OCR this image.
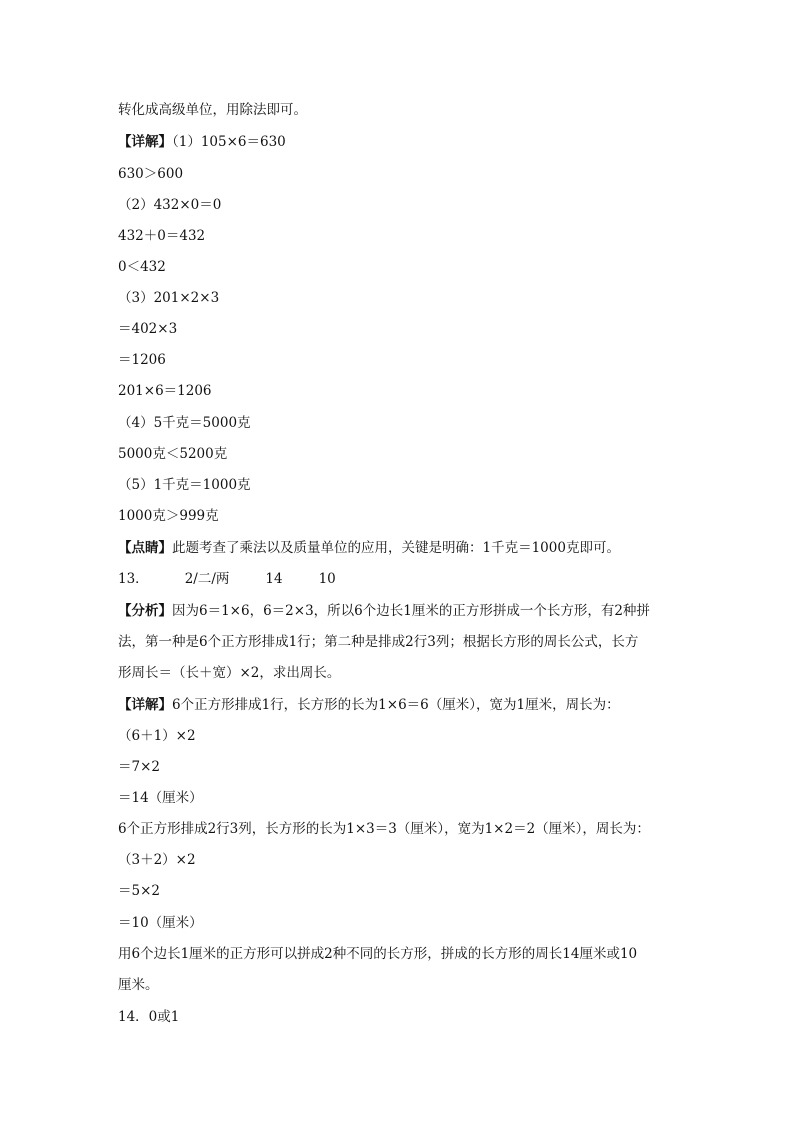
转化成高级单位，用除法即可。
【详解】（1）105×6＝630
630＞600
（2）432×0＝0
432＋0＝432
0＜432
（3）201×2×3
＝402×3
＝1206
201×6＝1206
（4）5千克＝5000克
5000克＜5200克
（5）1千克＝1000克
1000克＞999克
【点睛】此题考查了乘法以及质量单位的应用，关键是明确：1千克＝1000克即可。
13．	2/二/两	14	10
【分析】因为6＝1×6，6＝2×3，所以6个边长1厘米的正方形拼成一个长方形，有2种拼
法，第一种是6个正方形排成1行；第二种是排成2行3列；根据长方形的周长公式，长方
形周长＝（长＋宽）×2，求出周长。
【详解】6个正方形排成1行，长方形的长为1×6＝6（厘米），宽为1厘米，周长为：
（6＋1）×2
＝7×2
＝14（厘米）
6个正方形排成2行3列，长方形的长为1×3＝3（厘米），宽为1×2＝2（厘米），周长为：
（3＋2）×2
＝5×2
＝10（厘米）
用6个边长1厘米的正方形可以拼成2种不同的长方形，拼成的长方形的周长14厘米或10
厘米。
14．0或1
